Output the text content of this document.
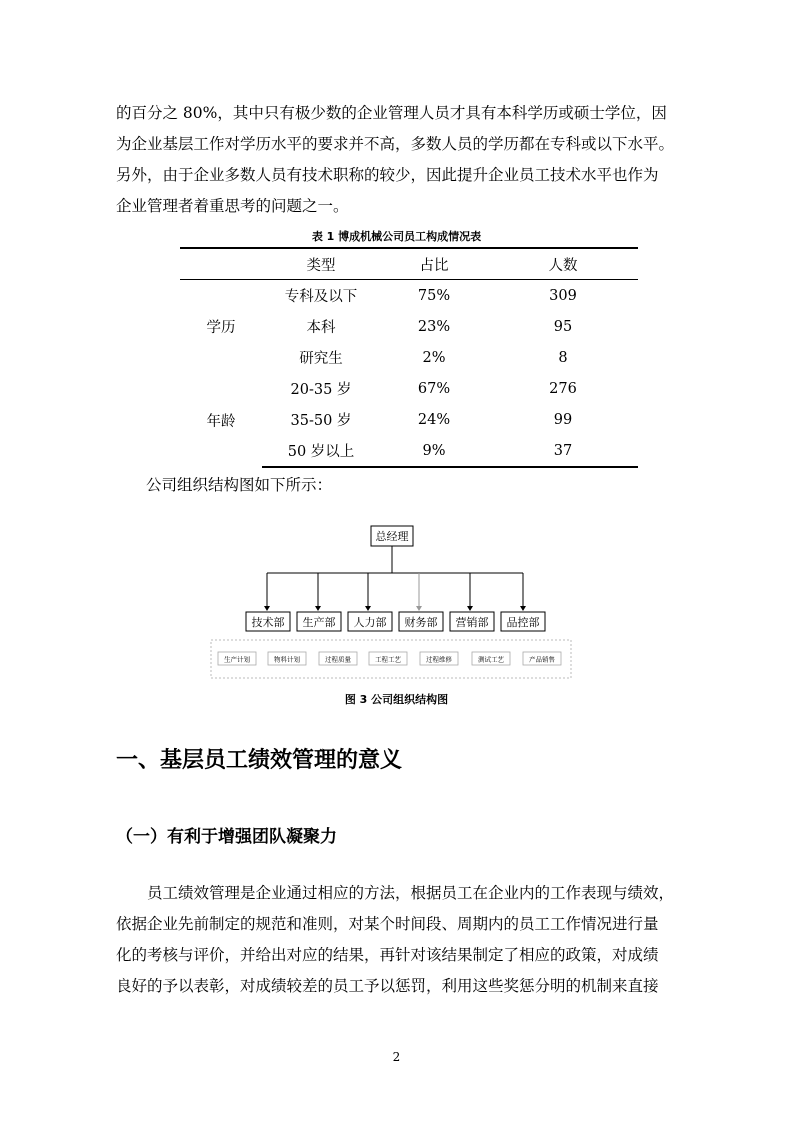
的百分之 80%，其中只有极少数的企业管理人员才具有本科学历或硕士学位，因
为企业基层工作对学历水平的要求并不高，多数人员的学历都在专科或以下水平。
另外，由于企业多数人员有技术职称的较少，因此提升企业员工技术水平也作为
企业管理者着重思考的问题之一。

表 1 博成机械公司员工构成情况表

	类型	占比	人数
学历	专科及以下	75%	309
	本科	23%	95
	研究生	2%	8
年龄	20-35 岁	67%	276
	35-50 岁	24%	99
	50 岁以上	9%	37

公司组织结构图如下所示：

总经理
技术部 生产部 人力部 财务部 营销部 品控部
生产计划	物料计划	过程质量	工程工艺	过程维修	测试工艺	产品销售

图 3 公司组织结构图

一、基层员工绩效管理的意义
（一）有利于增强团队凝聚力
员工绩效管理是企业通过相应的方法，根据员工在企业内的工作表现与绩效，
依据企业先前制定的规范和准则，对某个时间段、周期内的员工工作情况进行量
化的考核与评价，并给出对应的结果，再针对该结果制定了相应的政策，对成绩
良好的予以表彰，对成绩较差的员工予以惩罚，利用这些奖惩分明的机制来直接

2
